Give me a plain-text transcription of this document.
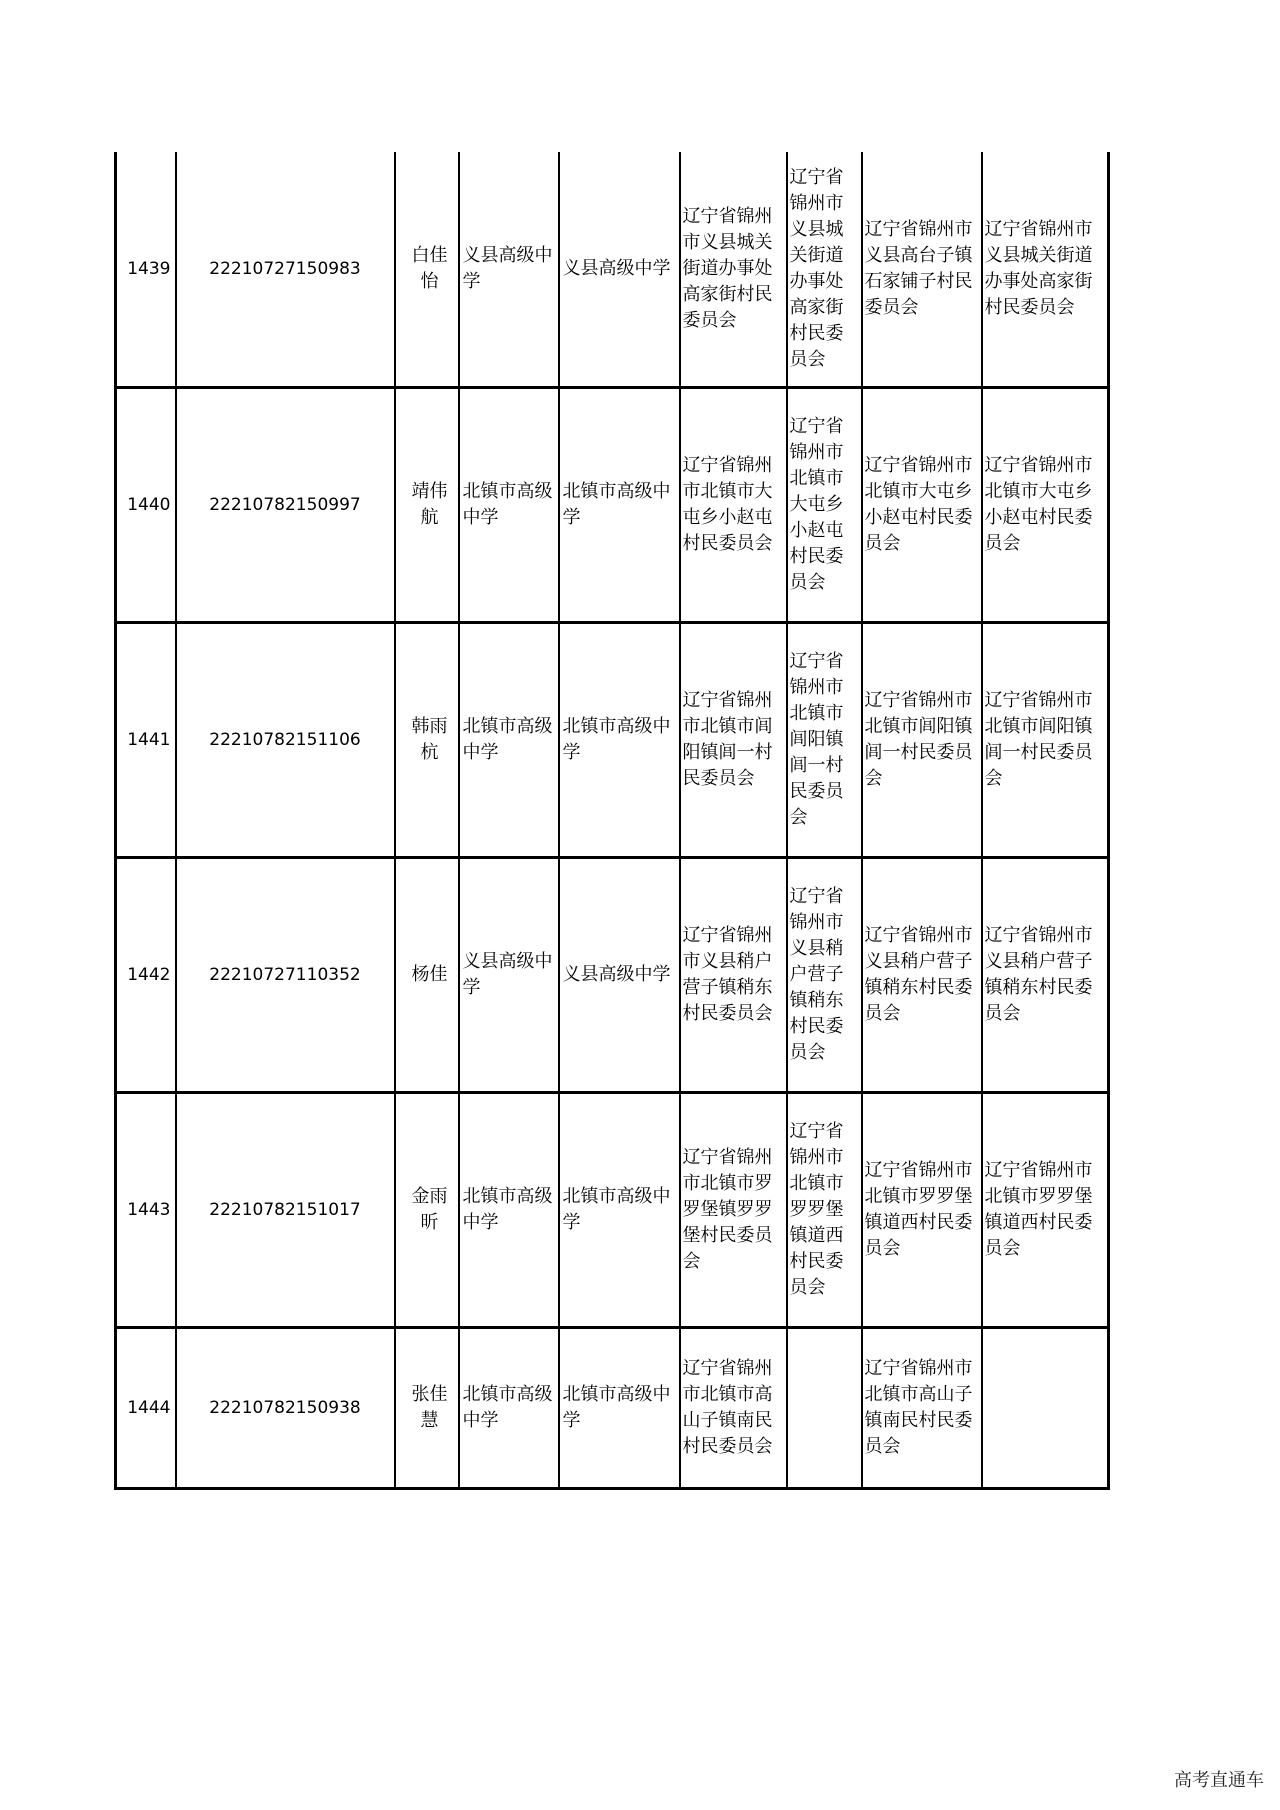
1439	22210727150983	白佳怡	义县高级中学	义县高级中学	辽宁省锦州市义县城关街道办事处高家街村民委员会	辽宁省锦州市义县城关街道办事处高家街村民委员会	辽宁省锦州市义县高台子镇石家铺子村民委员会	辽宁省锦州市义县城关街道办事处高家街村民委员会
1440	22210782150997	靖伟航	北镇市高级中学	北镇市高级中学	辽宁省锦州市北镇市大屯乡小赵屯村民委员会	辽宁省锦州市北镇市大屯乡小赵屯村民委员会	辽宁省锦州市北镇市大屯乡小赵屯村民委员会	辽宁省锦州市北镇市大屯乡小赵屯村民委员会
1441	22210782151106	韩雨杭	北镇市高级中学	北镇市高级中学	辽宁省锦州市北镇市闾阳镇闾一村民委员会	辽宁省锦州市北镇市闾阳镇闾一村民委员会	辽宁省锦州市北镇市闾阳镇闾一村民委员会	辽宁省锦州市北镇市闾阳镇闾一村民委员会
1442	22210727110352	杨佳	义县高级中学	义县高级中学	辽宁省锦州市义县稍户营子镇稍东村民委员会	辽宁省锦州市义县稍户营子镇稍东村民委员会	辽宁省锦州市义县稍户营子镇稍东村民委员会	辽宁省锦州市义县稍户营子镇稍东村民委员会
1443	22210782151017	金雨昕	北镇市高级中学	北镇市高级中学	辽宁省锦州市北镇市罗罗堡镇罗罗堡村民委员会	辽宁省锦州市北镇市罗罗堡镇道西村民委员会	辽宁省锦州市北镇市罗罗堡镇道西村民委员会	辽宁省锦州市北镇市罗罗堡镇道西村民委员会
1444	22210782150938	张佳慧	北镇市高级中学	北镇市高级中学	辽宁省锦州市北镇市高山子镇南民村民委员会		辽宁省锦州市北镇市高山子镇南民村民委员会	
高考直通车
